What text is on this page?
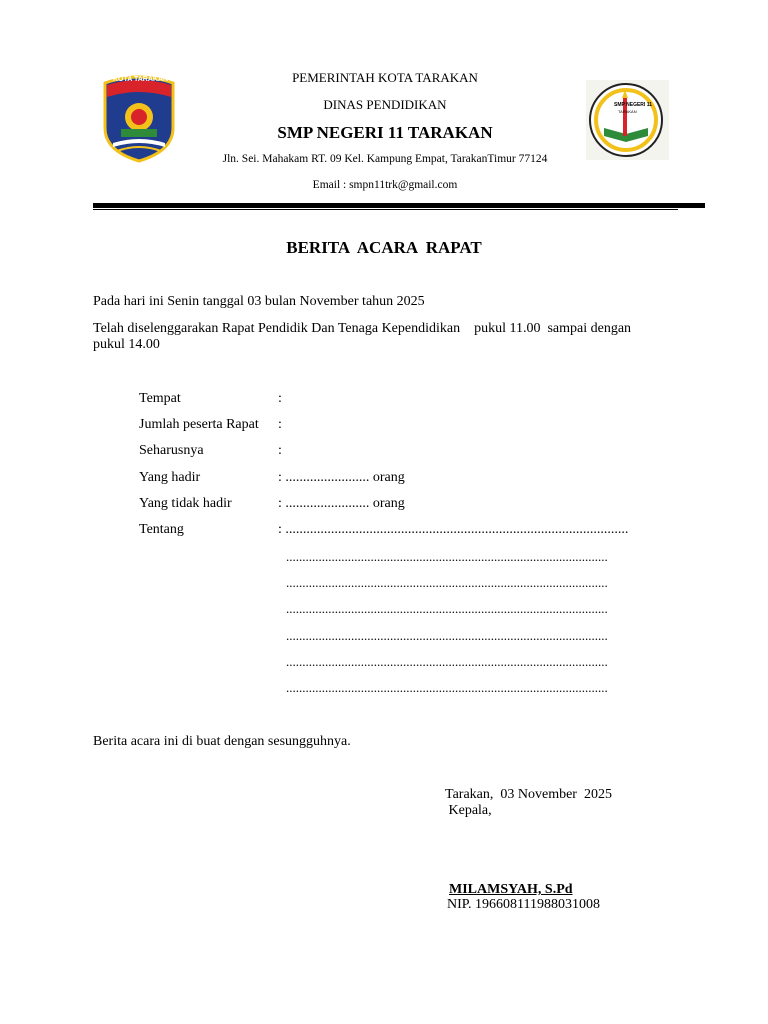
KOTA TARAKAN
SMP NEGERI 11
TARAKAN
PEMERINTAH KOTA TARAKAN
DINAS PENDIDIKAN
SMP NEGERI 11 TARAKAN
Jln. Sei. Mahakam RT. 09 Kel. Kampung Empat, TarakanTimur 77124
Email : smpn11trk@gmail.com
BERITA  ACARA  RAPAT
Pada hari ini Senin tanggal 03 bulan November tahun 2025
Telah diselenggarakan Rapat Pendidik Dan Tenaga Kependidikan    pukul 11.00  sampai dengan
pukul 14.00
Tempat	:
Jumlah peserta Rapat :
Seharusnya	:
Yang hadir	: ........................ orang
Yang tidak hadir	: ........................ orang
Tentang	: ..................................................................................................
...................................................................................................
...................................................................................................
...................................................................................................
...................................................................................................
...................................................................................................
...................................................................................................
Berita acara ini di buat dengan sesungguhnya.
Tarakan,  03 November  2025
Kepala,
MILAMSYAH, S.Pd
NIP. 196608111988031008
